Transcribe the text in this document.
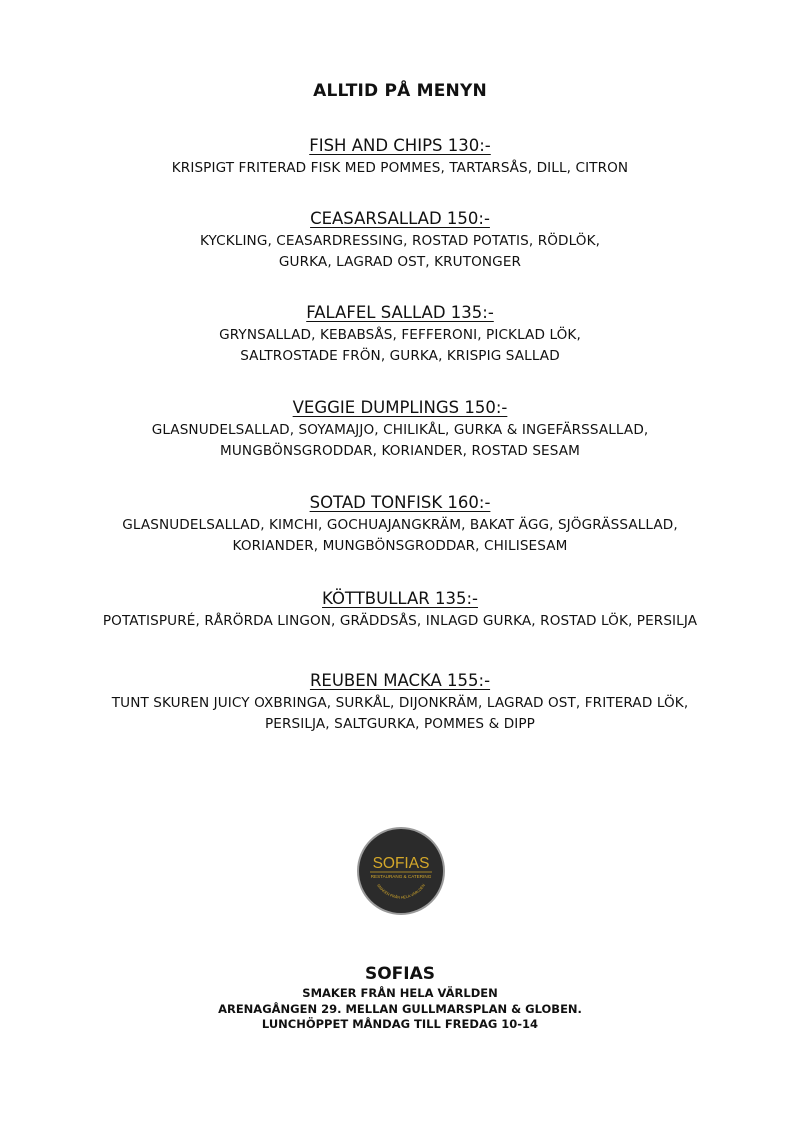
ALLTID PÅ MENYN
FISH AND CHIPS 130:-
KRISPIGT FRITERAD FISK MED POMMES, TARTARSÅS, DILL, CITRON
CEASARSALLAD 150:-
KYCKLING, CEASARDRESSING, ROSTAD POTATIS, RÖDLÖK,
GURKA, LAGRAD OST, KRUTONGER
FALAFEL SALLAD 135:-
GRYNSALLAD, KEBABSÅS, FEFFERONI, PICKLAD LÖK,
SALTROSTADE FRÖN, GURKA, KRISPIG SALLAD
VEGGIE DUMPLINGS 150:-
GLASNUDELSALLAD, SOYAMAJJO, CHILIKÅL, GURKA & INGEFÄRSSALLAD,
MUNGBÖNSGRODDAR, KORIANDER, ROSTAD SESAM
SOTAD TONFISK 160:-
GLASNUDELSALLAD, KIMCHI, GOCHUAJANGKRÄM, BAKAT ÄGG, SJÖGRÄSSALLAD,
KORIANDER, MUNGBÖNSGRODDAR, CHILISESAM
KÖTTBULLAR 135:-
POTATISPURÉ, RÅRÖRDA LINGON, GRÄDDSÅS, INLAGD GURKA, ROSTAD LÖK, PERSILJA
REUBEN MACKA 155:-
TUNT SKUREN JUICY OXBRINGA, SURKÅL, DIJONKRÄM, LAGRAD OST, FRITERAD LÖK,
PERSILJA, SALTGURKA, POMMES & DIPP
SOFIAS
RESTAURANG & CATERING
SMAKER FRÅN HELA VÄRLDEN
SOFIAS
SMAKER FRÅN HELA VÄRLDEN
ARENAGÅNGEN 29. MELLAN GULLMARSPLAN & GLOBEN.
LUNCHÖPPET MÅNDAG TILL FREDAG 10-14
